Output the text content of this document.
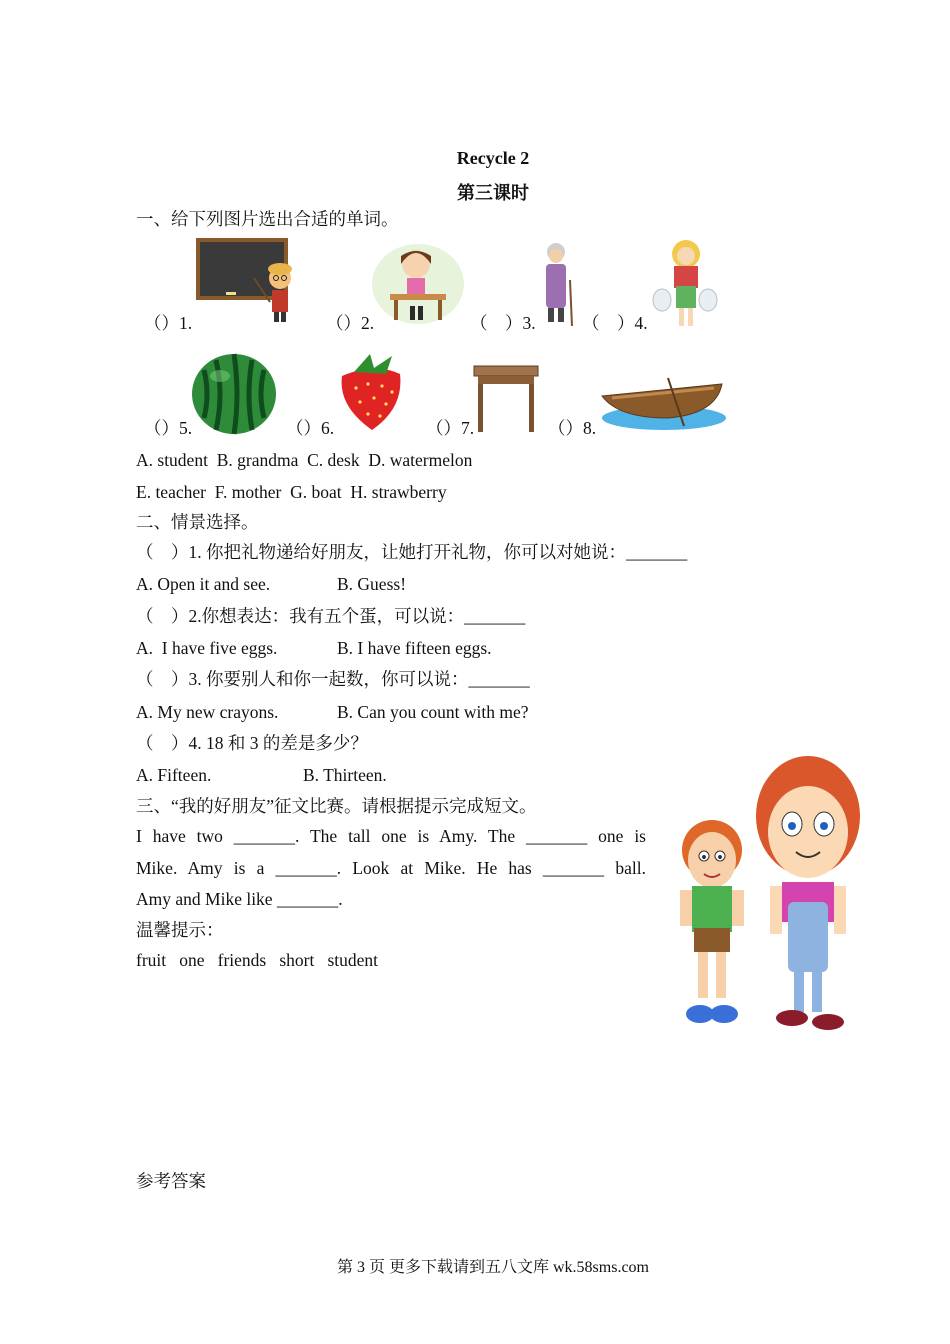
Recycle 2
第三课时
一、给下列图片选出合适的单词。
（）1.	（）2.	（　）3.	（　）4.
（）5.	（）6.	（）7.	（）8.
A. student  B. grandma  C. desk  D. watermelon
E. teacher  F. mother  G. boat  H. strawberry
二、情景选择。
（　）1. 你把礼物递给好朋友，让她打开礼物，你可以对她说：_______
A. Open it and see.	B. Guess!
（　）2.你想表达：我有五个蛋，可以说：_______
A.  I have five eggs.	B. I have fifteen eggs.
（　）3. 你要别人和你一起数，你可以说：_______
A. My new crayons.	B. Can you count with me?
（　）4. 18 和 3 的差是多少？
A. Fifteen.	B. Thirteen.
三、“我的好朋友”征文比赛。请根据提示完成短文。
I have two _______. The tall one is Amy. The _______ one is
Mike. Amy is a _______. Look at Mike. He has _______ ball.
Amy and Mike like _______.
温馨提示：
fruit   one   friends   short   student
参考答案
第 3 页 更多下载请到五八文库 wk.58sms.com
